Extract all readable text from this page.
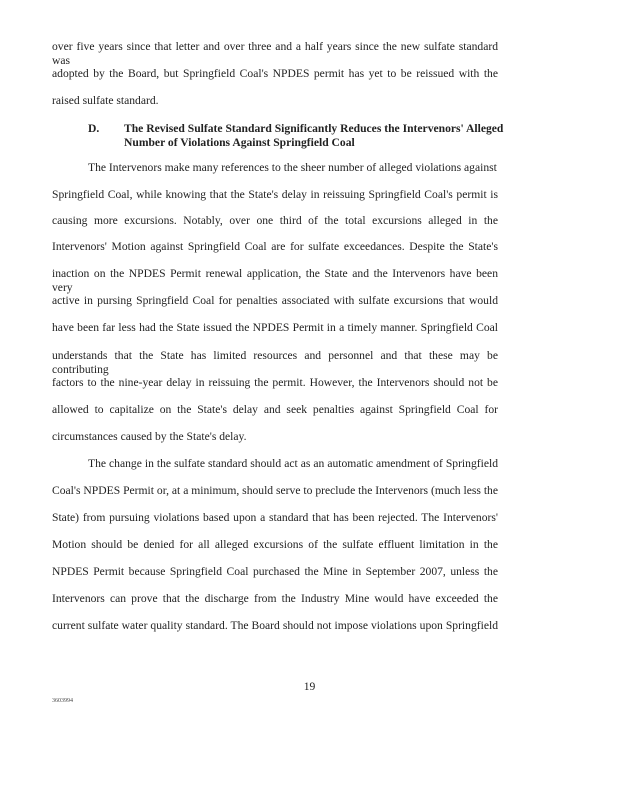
over five years since that letter and over three and a half years since the new sulfate standard was
adopted by the Board, but Springfield Coal's NPDES permit has yet to be reissued with the
raised sulfate standard.
D. The Revised Sulfate Standard Significantly Reduces the Intervenors' Alleged
Number of Violations Against Springfield Coal
The Intervenors make many references to the sheer number of alleged violations against
Springfield Coal, while knowing that the State's delay in reissuing Springfield Coal's permit is
causing more excursions. Notably, over one third of the total excursions alleged in the
Intervenors' Motion against Springfield Coal are for sulfate exceedances. Despite the State's
inaction on the NPDES Permit renewal application, the State and the Intervenors have been very
active in pursing Springfield Coal for penalties associated with sulfate excursions that would
have been far less had the State issued the NPDES Permit in a timely manner. Springfield Coal
understands that the State has limited resources and personnel and that these may be contributing
factors to the nine-year delay in reissuing the permit. However, the Intervenors should not be
allowed to capitalize on the State's delay and seek penalties against Springfield Coal for
circumstances caused by the State's delay.
The change in the sulfate standard should act as an automatic amendment of Springfield
Coal's NPDES Permit or, at a minimum, should serve to preclude the Intervenors (much less the
State) from pursuing violations based upon a standard that has been rejected. The Intervenors'
Motion should be denied for all alleged excursions of the sulfate effluent limitation in the
NPDES Permit because Springfield Coal purchased the Mine in September 2007, unless the
Intervenors can prove that the discharge from the Industry Mine would have exceeded the
current sulfate water quality standard. The Board should not impose violations upon Springfield
19
3603994
